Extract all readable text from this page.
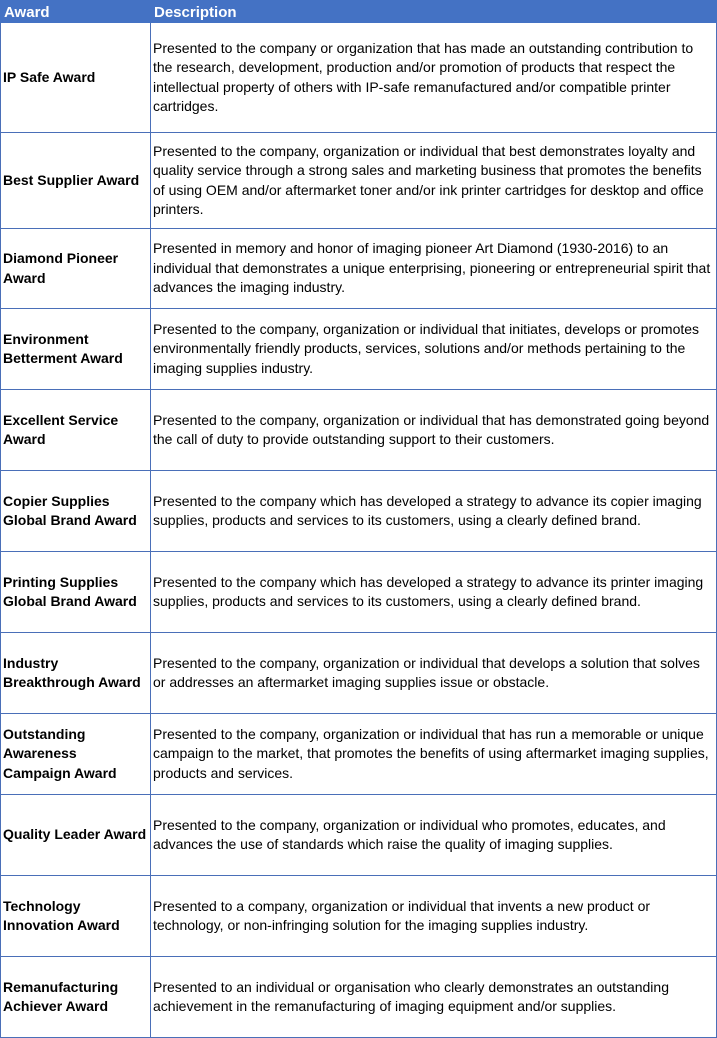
Award	Description
IP Safe Award	Presented to the company or organization that has made an outstanding contribution to the research, development, production and/or promotion of products that respect the intellectual property of others with IP-safe remanufactured and/or compatible printer cartridges.
Best Supplier Award	Presented to the company, organization or individual that best demonstrates loyalty and quality service through a strong sales and marketing business that promotes the benefits of using OEM and/or aftermarket toner and/or ink printer cartridges for desktop and office printers.
Diamond Pioneer Award	Presented in memory and honor of imaging pioneer Art Diamond (1930-2016) to an individual that demonstrates a unique enterprising, pioneering or entrepreneurial spirit that advances the imaging industry.
Environment Betterment Award	Presented to the company, organization or individual that initiates, develops or promotes environmentally friendly products, services, solutions and/or methods pertaining to the imaging supplies industry.
Excellent Service Award	Presented to the company, organization or individual that has demonstrated going beyond the call of duty to provide outstanding support to their customers.
Copier Supplies Global Brand Award	Presented to the company which has developed a strategy to advance its copier imaging supplies, products and services to its customers, using a clearly defined brand.
Printing Supplies Global Brand Award	Presented to the company which has developed a strategy to advance its printer imaging supplies, products and services to its customers, using a clearly defined brand.
Industry Breakthrough Award	Presented to the company, organization or individual that develops a solution that solves or addresses an aftermarket imaging supplies issue or obstacle.
Outstanding Awareness Campaign Award	Presented to the company, organization or individual that has run a memorable or unique campaign to the market, that promotes the benefits of using aftermarket imaging supplies, products and services.
Quality Leader Award	Presented to the company, organization or individual who promotes, educates, and advances the use of standards which raise the quality of imaging supplies.
Technology Innovation Award	Presented to a company, organization or individual that invents a new product or technology, or non-infringing solution for the imaging supplies industry.
Remanufacturing Achiever Award	Presented to an individual or organisation who clearly demonstrates an outstanding achievement in the remanufacturing of imaging equipment and/or supplies.
